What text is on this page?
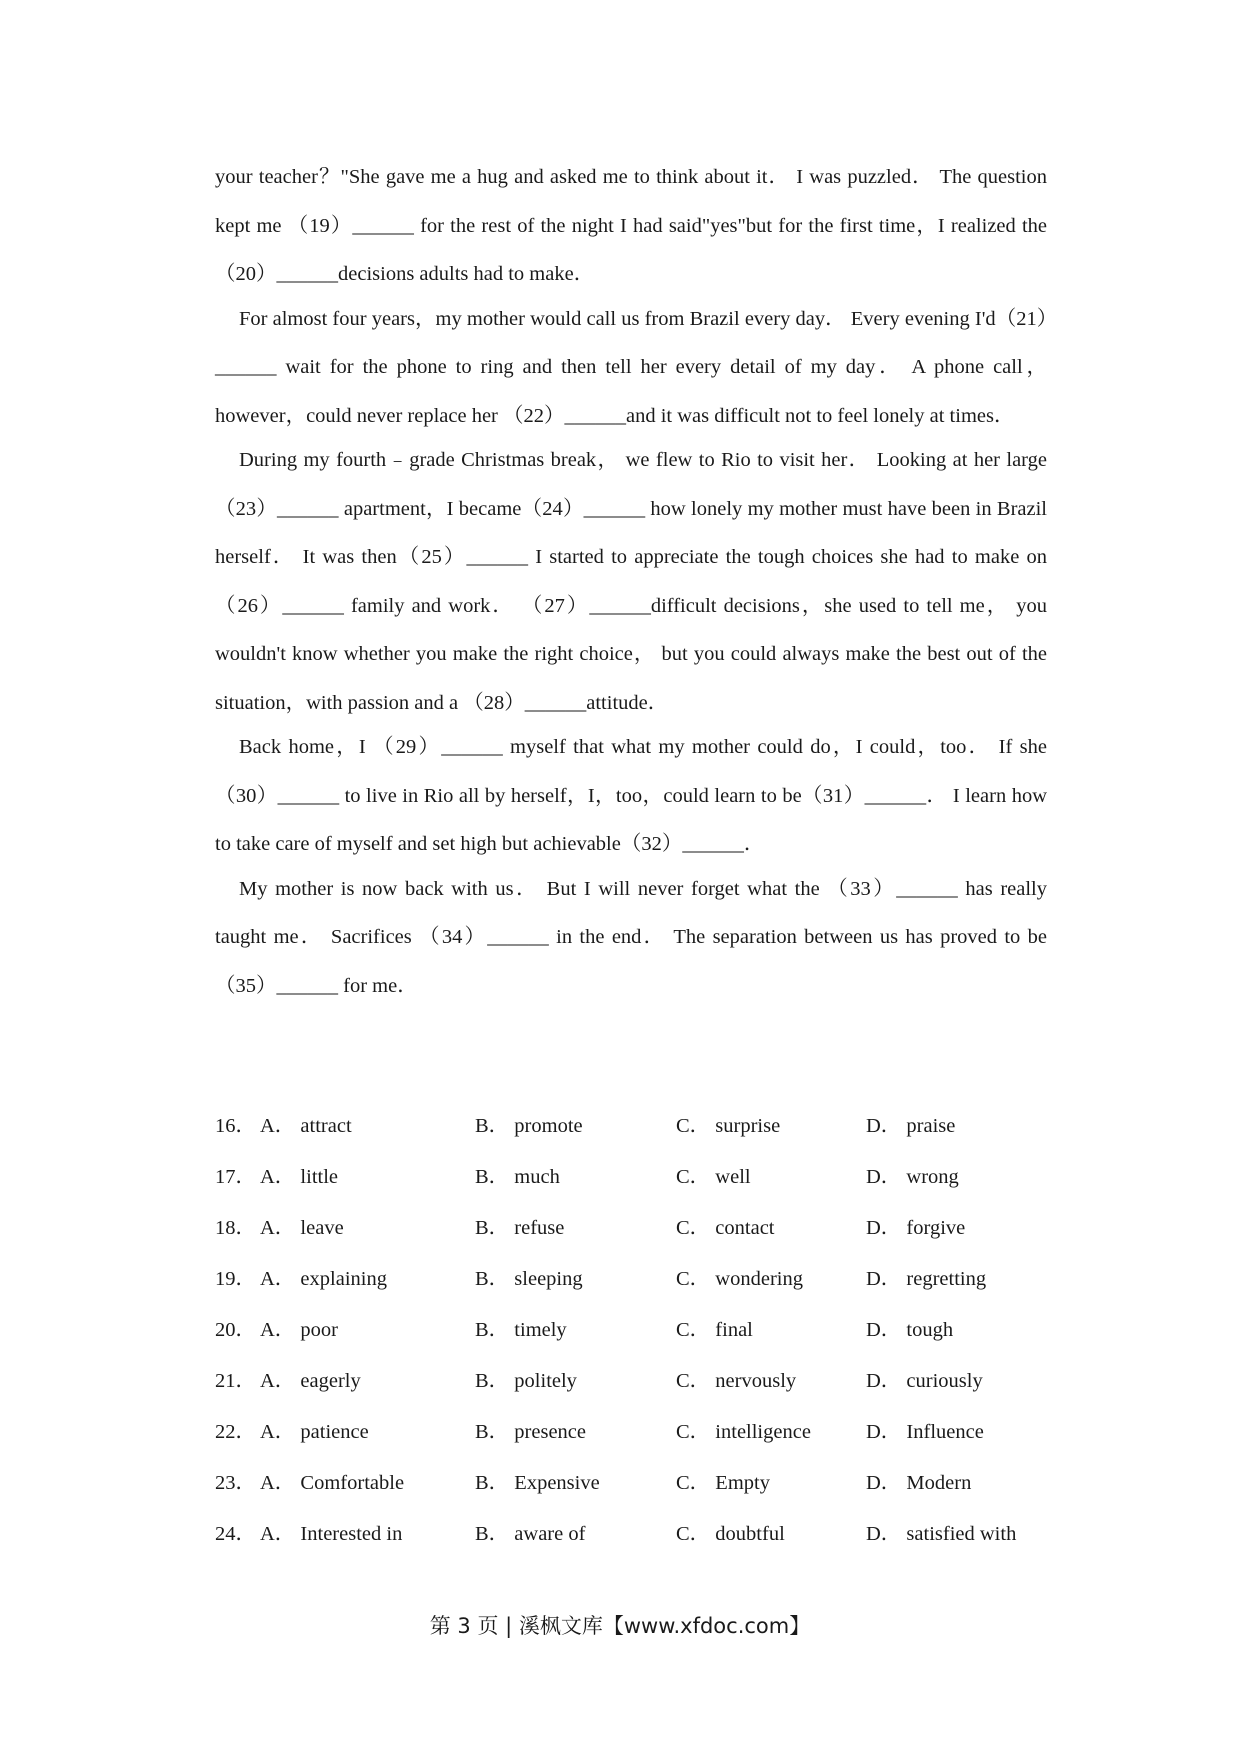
your teacher？"She gave me a hug and asked me to think about it． I was puzzled． The question kept me （19）______ for the rest of the night I had said"yes"but for the first time，I realized the（20）______decisions adults had to make．

For almost four years，my mother would call us from Brazil every day． Every evening I'd（21）______ wait for the phone to ring and then tell her every detail of my day． A phone call，however，could never replace her （22）______and it was difficult not to feel lonely at times．

During my fourth﹣grade Christmas break， we flew to Rio to visit her． Looking at her large （23）______ apartment，I became（24）______ how lonely my mother must have been in Brazil herself． It was then（25）______ I started to appreciate the tough choices she had to make on （26）______ family and work． （27）______difficult decisions，she used to tell me， you wouldn't know whether you make the right choice， but you could always make the best out of the situation，with passion and a （28）______attitude．

Back home，I （29）______ myself that what my mother could do，I could，too． If she（30）______ to live in Rio all by herself，I，too，could learn to be（31）______． I learn how to take care of myself and set high but achievable（32）______．

My mother is now back with us． But I will never forget what the （33）______ has really taught me． Sacrifices （34）______ in the end． The separation between us has proved to be（35）______ for me．

16． A． attract	B． promote	C． surprise	D． praise
17． A． little	B． much	C． well	D． wrong
18． A． leave	B． refuse	C． contact	D． forgive
19． A． explaining	B． sleeping	C． wondering	D． regretting
20． A． poor	B． timely	C． final	D． tough
21． A． eagerly	B． politely	C． nervously	D． curiously
22． A． patience	B． presence	C． intelligence	D． Influence
23． A． Comfortable	B． Expensive	C． Empty	D． Modern
24． A． Interested in	B． aware of	C． doubtful	D． satisfied with
第 3 页 | 溪枫文库【www.xfdoc.com】
